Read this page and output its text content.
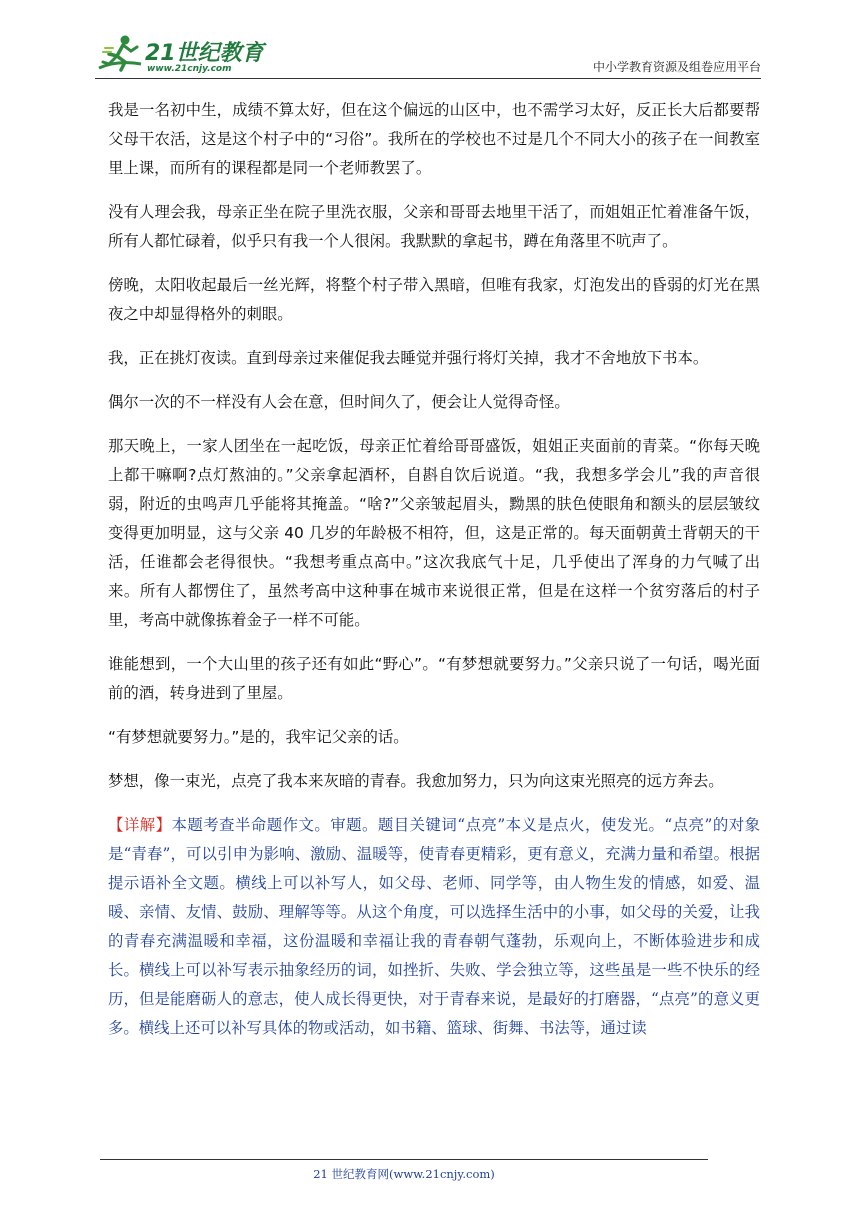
21世纪教育
www.21cnjy.com	中小学教育资源及组卷应用平台

我是一名初中生，成绩不算太好，但在这个偏远的山区中，也不需学习太好，反正长大后都要帮父母干农活，这是这个村子中的“习俗”。我所在的学校也不过是几个不同大小的孩子在一间教室里上课，而所有的课程都是同一个老师教罢了。

没有人理会我，母亲正坐在院子里洗衣服，父亲和哥哥去地里干活了，而姐姐正忙着准备午饭，所有人都忙碌着，似乎只有我一个人很闲。我默默的拿起书，蹲在角落里不吭声了。

傍晚，太阳收起最后一丝光辉，将整个村子带入黑暗，但唯有我家，灯泡发出的昏弱的灯光在黑夜之中却显得格外的刺眼。

我，正在挑灯夜读。直到母亲过来催促我去睡觉并强行将灯关掉，我才不舍地放下书本。

偶尔一次的不一样没有人会在意，但时间久了，便会让人觉得奇怪。

那天晚上，一家人团坐在一起吃饭，母亲正忙着给哥哥盛饭，姐姐正夹面前的青菜。“你每天晚上都干嘛啊?点灯熬油的。”父亲拿起酒杯，自斟自饮后说道。“我，我想多学会儿”我的声音很弱，附近的虫鸣声几乎能将其掩盖。“啥?”父亲皱起眉头，黝黑的肤色使眼角和额头的层层皱纹变得更加明显，这与父亲 40 几岁的年龄极不相符，但，这是正常的。每天面朝黄土背朝天的干活，任谁都会老得很快。“我想考重点高中。”这次我底气十足，几乎使出了浑身的力气喊了出来。所有人都愣住了，虽然考高中这种事在城市来说很正常，但是在这样一个贫穷落后的村子里，考高中就像拣着金子一样不可能。

谁能想到，一个大山里的孩子还有如此“野心”。“有梦想就要努力。”父亲只说了一句话，喝光面前的酒，转身进到了里屋。

“有梦想就要努力。”是的，我牢记父亲的话。

梦想，像一束光，点亮了我本来灰暗的青春。我愈加努力，只为向这束光照亮的远方奔去。

【详解】本题考查半命题作文。审题。题目关键词“点亮”本义是点火，使发光。“点亮”的对象是“青春”，可以引申为影响、激励、温暖等，使青春更精彩，更有意义，充满力量和希望。根据提示语补全文题。横线上可以补写人，如父母、老师、同学等，由人物生发的情感，如爱、温暖、亲情、友情、鼓励、理解等等。从这个角度，可以选择生活中的小事，如父母的关爱，让我的青春充满温暖和幸福，这份温暖和幸福让我的青春朝气蓬勃，乐观向上，不断体验进步和成长。横线上可以补写表示抽象经历的词，如挫折、失败、学会独立等，这些虽是一些不快乐的经历，但是能磨砺人的意志，使人成长得更快，对于青春来说，是最好的打磨器，“点亮”的意义更多。横线上还可以补写具体的物或活动，如书籍、篮球、街舞、书法等，通过读

21 世纪教育网(www.21cnjy.com)
